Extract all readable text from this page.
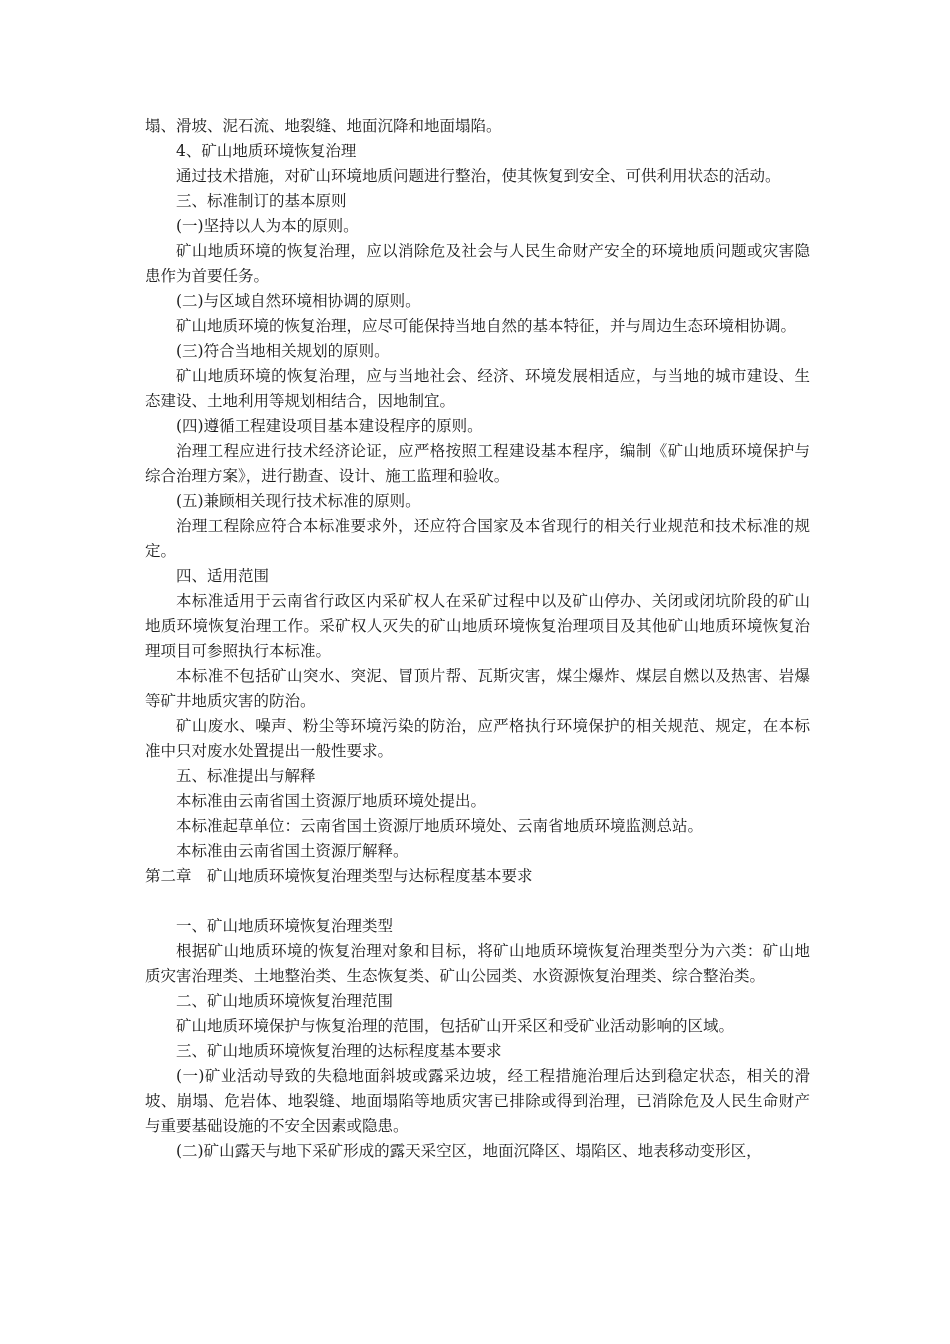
塌、滑坡、泥石流、地裂缝、地面沉降和地面塌陷。

4、矿山地质环境恢复治理

通过技术措施，对矿山环境地质问题进行整治，使其恢复到安全、可供利用状态的活动。

三、标准制订的基本原则

(一)坚持以人为本的原则。

矿山地质环境的恢复治理，应以消除危及社会与人民生命财产安全的环境地质问题或灾害隐患作为首要任务。

(二)与区域自然环境相协调的原则。

矿山地质环境的恢复治理，应尽可能保持当地自然的基本特征，并与周边生态环境相协调。

(三)符合当地相关规划的原则。

矿山地质环境的恢复治理，应与当地社会、经济、环境发展相适应，与当地的城市建设、生态建设、土地利用等规划相结合，因地制宜。

(四)遵循工程建设项目基本建设程序的原则。

治理工程应进行技术经济论证，应严格按照工程建设基本程序，编制《矿山地质环境保护与综合治理方案》，进行勘查、设计、施工监理和验收。

(五)兼顾相关现行技术标准的原则。

治理工程除应符合本标准要求外，还应符合国家及本省现行的相关行业规范和技术标准的规定。

四、适用范围

本标准适用于云南省行政区内采矿权人在采矿过程中以及矿山停办、关闭或闭坑阶段的矿山地质环境恢复治理工作。采矿权人灭失的矿山地质环境恢复治理项目及其他矿山地质环境恢复治理项目可参照执行本标准。

本标准不包括矿山突水、突泥、冒顶片帮、瓦斯灾害，煤尘爆炸、煤层自燃以及热害、岩爆等矿井地质灾害的防治。

矿山废水、噪声、粉尘等环境污染的防治，应严格执行环境保护的相关规范、规定，在本标准中只对废水处置提出一般性要求。

五、标准提出与解释

本标准由云南省国土资源厅地质环境处提出。

本标准起草单位：云南省国土资源厅地质环境处、云南省地质环境监测总站。

本标准由云南省国土资源厅解释。

第二章　矿山地质环境恢复治理类型与达标程度基本要求

一、矿山地质环境恢复治理类型

根据矿山地质环境的恢复治理对象和目标，将矿山地质环境恢复治理类型分为六类：矿山地质灾害治理类、土地整治类、生态恢复类、矿山公园类、水资源恢复治理类、综合整治类。

二、矿山地质环境恢复治理范围

矿山地质环境保护与恢复治理的范围，包括矿山开采区和受矿业活动影响的区域。

三、矿山地质环境恢复治理的达标程度基本要求

(一)矿业活动导致的失稳地面斜坡或露采边坡，经工程措施治理后达到稳定状态，相关的滑坡、崩塌、危岩体、地裂缝、地面塌陷等地质灾害已排除或得到治理，已消除危及人民生命财产与重要基础设施的不安全因素或隐患。

(二)矿山露天与地下采矿形成的露天采空区，地面沉降区、塌陷区、地表移动变形区，
